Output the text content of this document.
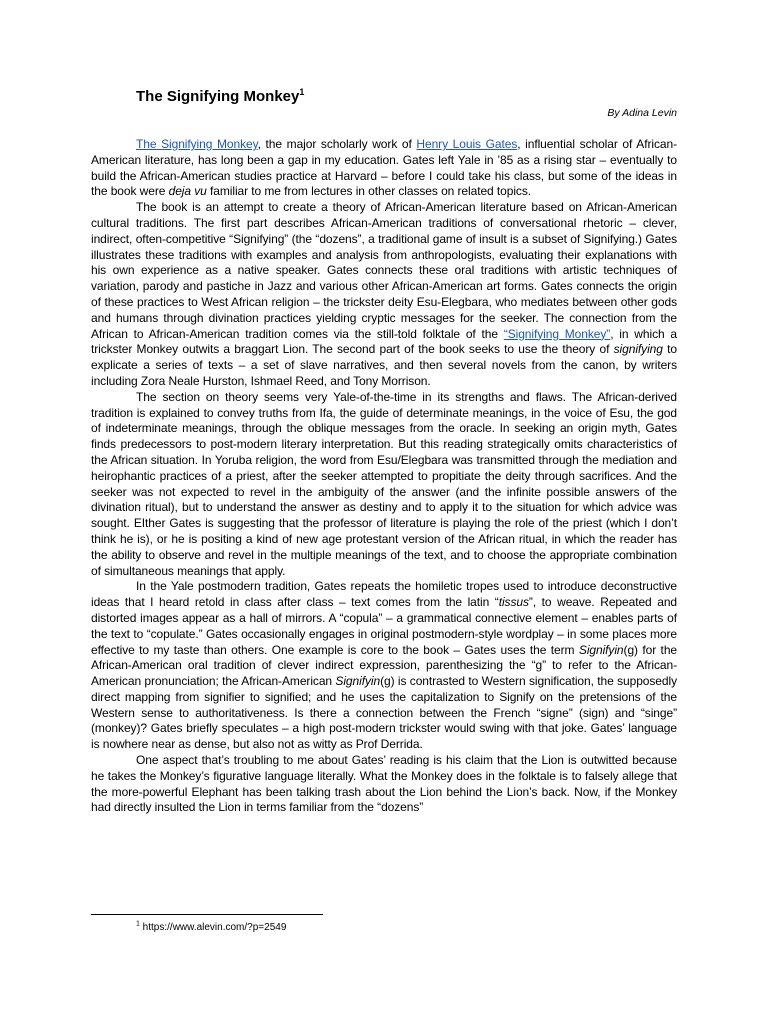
The Signifying Monkey$^1$
By Adina Levin

The Signifying Monkey, the major scholarly work of Henry Louis Gates, influential scholar of African-American literature, has long been a gap in my education. Gates left Yale in ’85 as a rising star – eventually to build the African-American studies practice at Harvard – before I could take his class, but some of the ideas in the book were deja vu familiar to me from lectures in other classes on related topics.

The book is an attempt to create a theory of African-American literature based on African-American cultural traditions. The first part describes African-American traditions of conversational rhetoric – clever, indirect, often-competitive “Signifying” (the “dozens”, a traditional game of insult is a subset of Signifying.) Gates illustrates these traditions with examples and analysis from anthropologists, evaluating their explanations with his own experience as a native speaker. Gates connects these oral traditions with artistic techniques of variation, parody and pastiche in Jazz and various other African-American art forms. Gates connects the origin of these practices to West African religion – the trickster deity Esu-Elegbara, who mediates between other gods and humans through divination practices yielding cryptic messages for the seeker. The connection from the African to African-American tradition comes via the still-told folktale of the “Signifying Monkey”, in which a trickster Monkey outwits a braggart Lion. The second part of the book seeks to use the theory of signifying to explicate a series of texts – a set of slave narratives, and then several novels from the canon, by writers including Zora Neale Hurston, Ishmael Reed, and Tony Morrison.

The section on theory seems very Yale-of-the-time in its strengths and flaws. The African-derived tradition is explained to convey truths from Ifa, the guide of determinate meanings, in the voice of Esu, the god of indeterminate meanings, through the oblique messages from the oracle. In seeking an origin myth, Gates finds predecessors to post-modern literary interpretation. But this reading strategically omits characteristics of the African situation. In Yoruba religion, the word from Esu/Elegbara was transmitted through the mediation and heirophantic practices of a priest, after the seeker attempted to propitiate the deity through sacrifices. And the seeker was not expected to revel in the ambiguity of the answer (and the infinite possible answers of the divination ritual), but to understand the answer as destiny and to apply it to the situation for which advice was sought. EIther Gates is suggesting that the professor of literature is playing the role of the priest (which I don’t think he is), or he is positing a kind of new age protestant version of the African ritual, in which the reader has the ability to observe and revel in the multiple meanings of the text, and to choose the appropriate combination of simultaneous meanings that apply.

In the Yale postmodern tradition, Gates repeats the homiletic tropes used to introduce deconstructive ideas that I heard retold in class after class – text comes from the latin “tissus”, to weave. Repeated and distorted images appear as a hall of mirrors. A “copula” – a grammatical connective element – enables parts of the text to “copulate.” Gates occasionally engages in original postmodern-style wordplay – in some places more effective to my taste than others. One example is core to the book – Gates uses the term Signifyin(g) for the African-American oral tradition of clever indirect expression, parenthesizing the “g” to refer to the African-American pronunciation; the African-American Signifyin(g) is contrasted to Western signification, the supposedly direct mapping from signifier to signified; and he uses the capitalization to Signify on the pretensions of the Western sense to authoritativeness. Is there a connection between the French “signe” (sign) and “singe” (monkey)? Gates briefly speculates – a high post-modern trickster would swing with that joke. Gates’ language is nowhere near as dense, but also not as witty as Prof Derrida.

One aspect that’s troubling to me about Gates’ reading is his claim that the Lion is outwitted because he takes the Monkey’s figurative language literally. What the Monkey does in the folktale is to falsely allege that the more-powerful Elephant has been talking trash about the Lion behind the Lion’s back. Now, if the Monkey had directly insulted the Lion in terms familiar from the “dozens”

$^1$ https://www.alevin.com/?p=2549
